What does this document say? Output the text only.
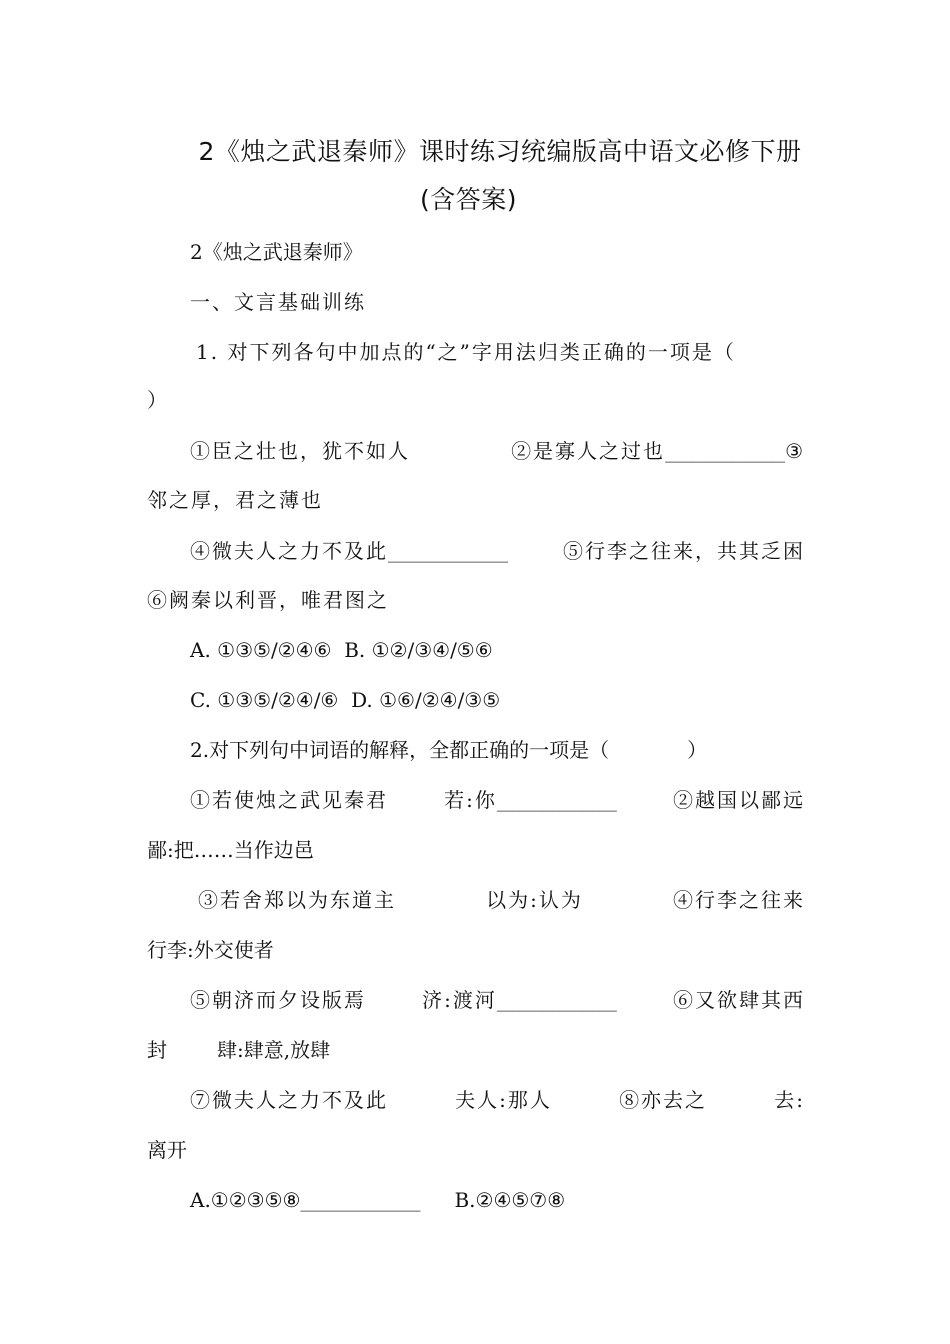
2《烛之武退秦师》课时练习统编版高中语文必修下册
(含答案)
2《烛之武退秦师》
一、文言基础训练
1. 对下列各句中加点的“之”字用法归类正确的一项是（
）
①臣之壮也，犹不如人	②是寡人之过也____________③
邻之厚，君之薄也
④微夫人之力不及此____________	⑤行李之往来，共其乏困
⑥阙秦以利晋，唯君图之
A. ①③⑤/②④⑥ B. ①②/③④/⑤⑥
C. ①③⑤/②④/⑥ D. ①⑥/②④/③⑤
2.对下列句中词语的解释，全都正确的一项是（	）
①若使烛之武见秦君	若:你____________	②越国以鄙远
鄙:把……当作边邑
③若舍郑以为东道主	以为:认为	④行李之往来
行李:外交使者
⑤朝济而夕设版焉	济:渡河____________	⑥又欲肆其西
封	肆:肆意,放肆
⑦微夫人之力不及此	夫人:那人	⑧亦去之	去:
离开
A.①②③⑤⑧____________ B.②④⑤⑦⑧
